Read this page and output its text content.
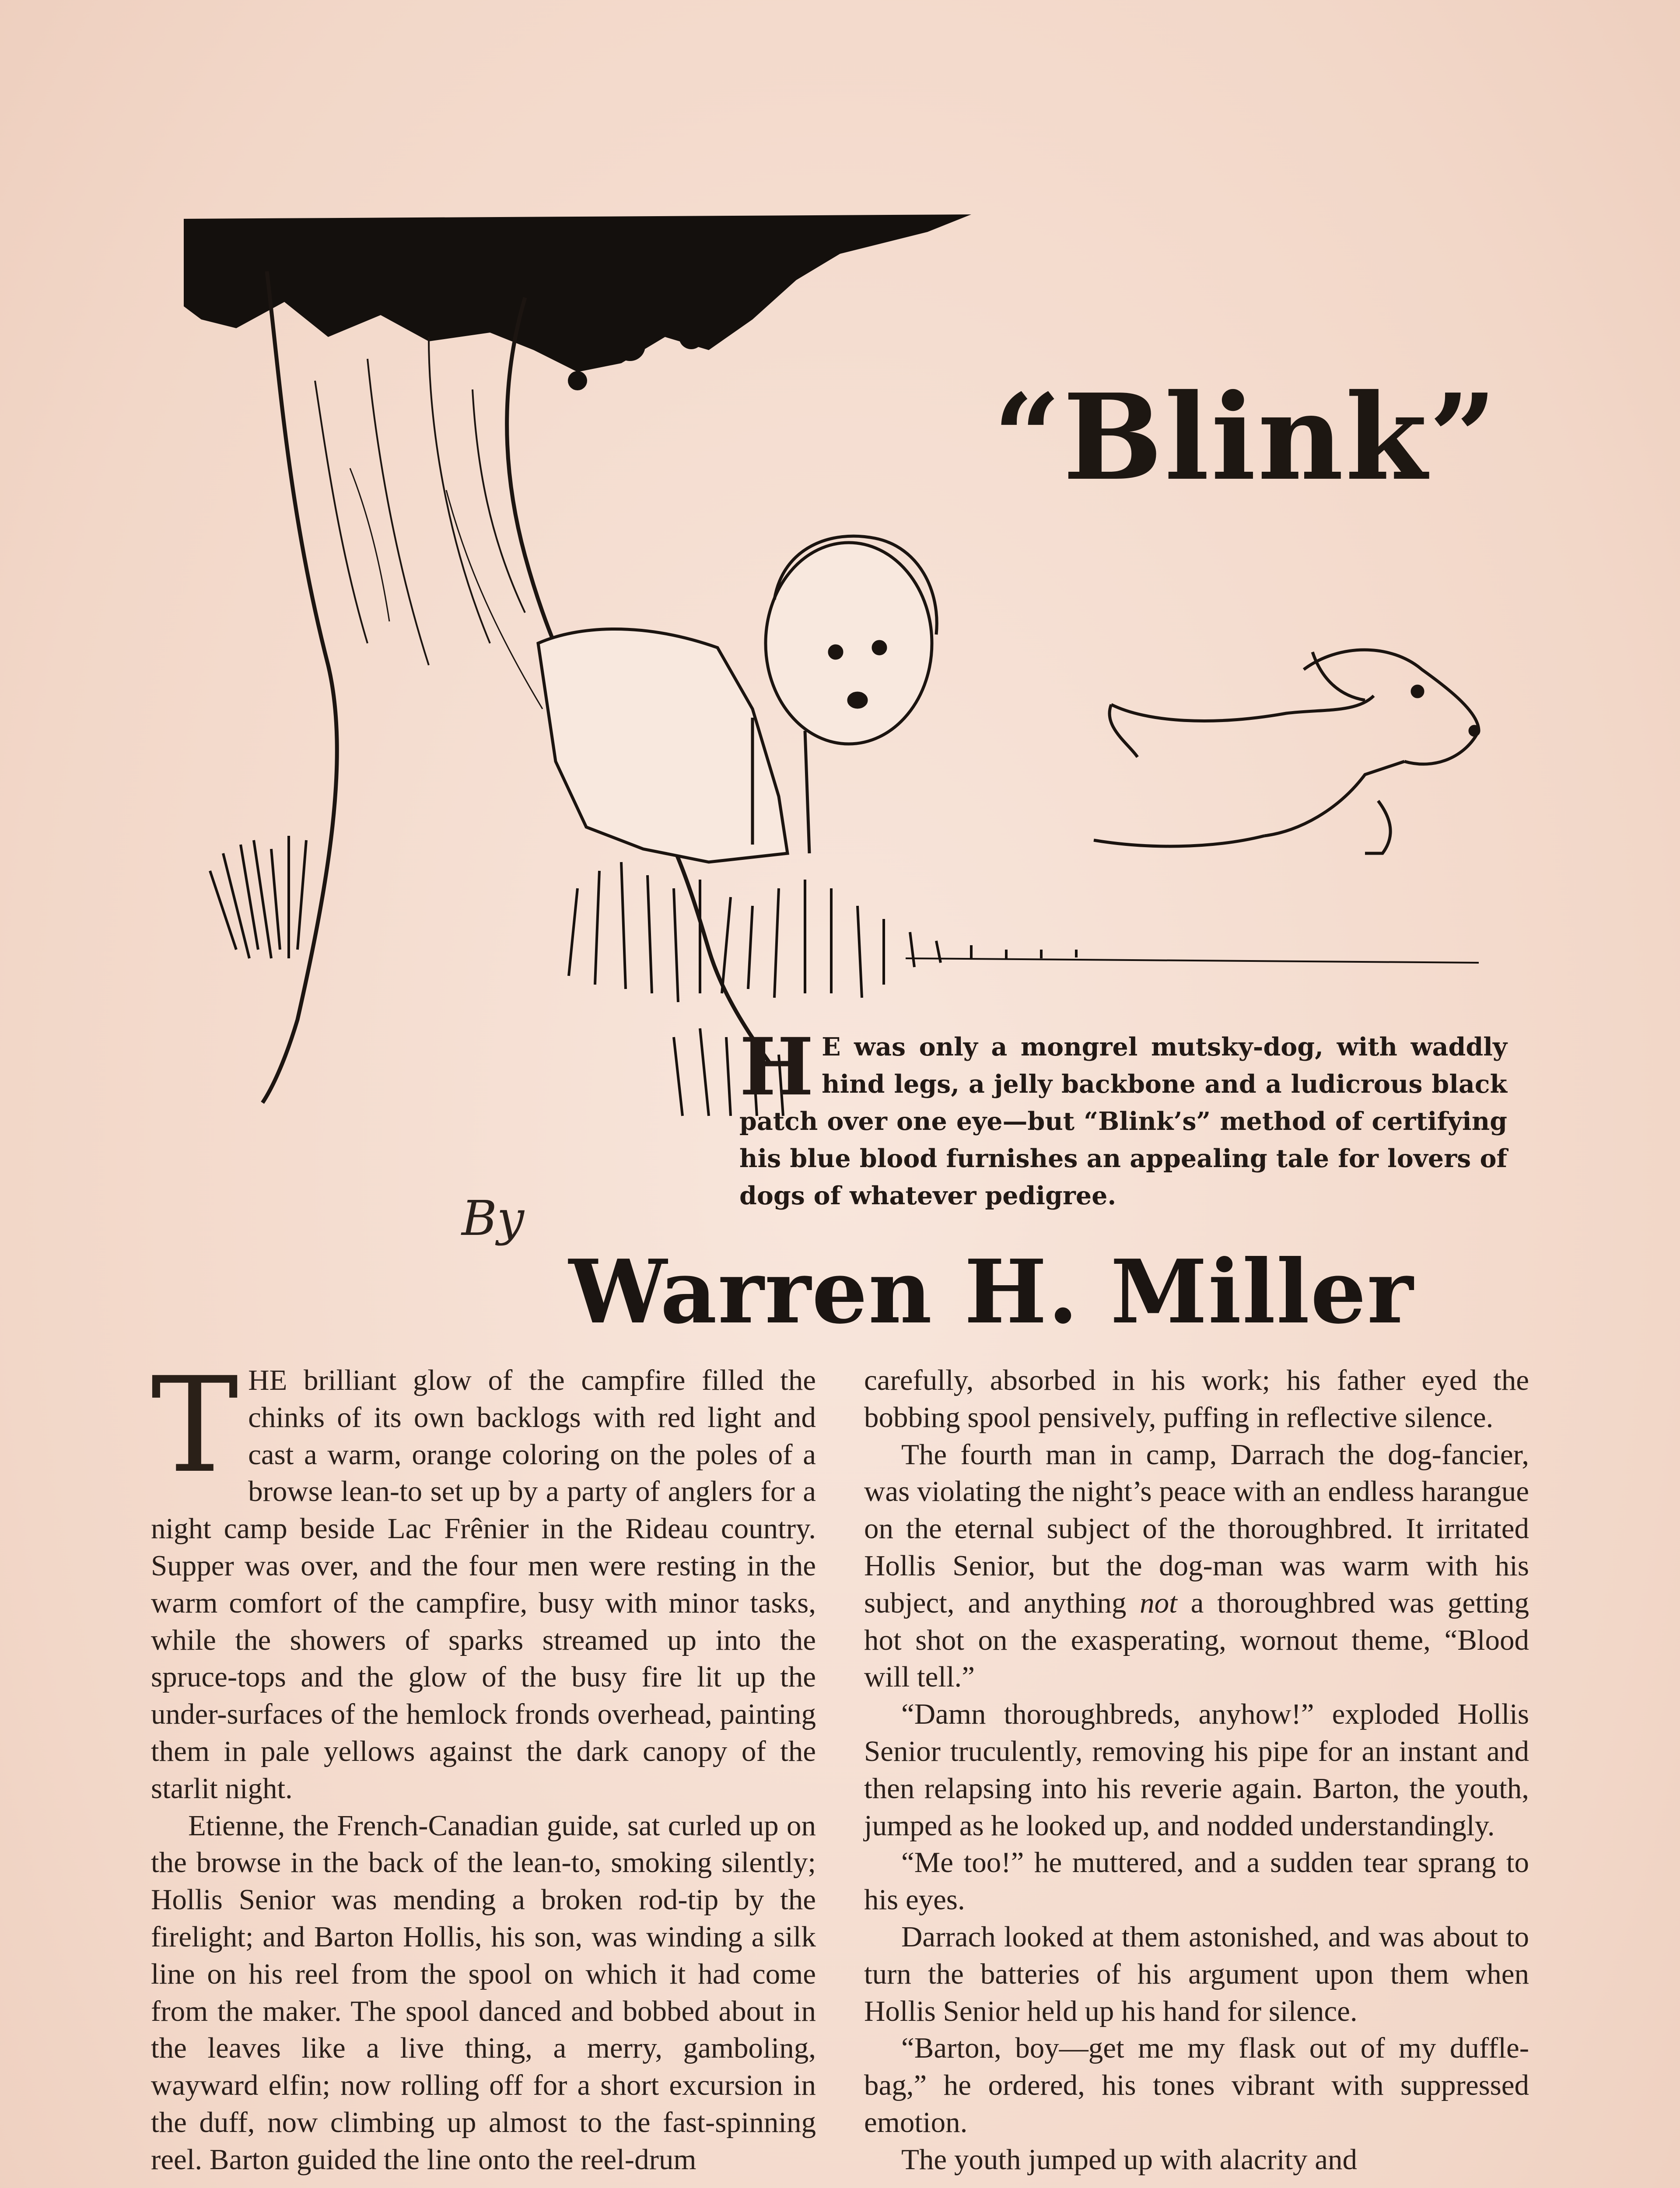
“Blink”

H E was only a mongrel mutsky-dog, with waddly hind legs, a jelly backbone and a ludicrous black patch over one eye—but “Blink’s” method of certifying his blue blood furnishes an appealing tale for lovers of dogs of whatever pedigree.

By
Warren H. Miller

THE brilliant glow of the campfire filled the chinks of its own backlogs with red light and cast a warm, orange coloring on the poles of a browse lean-to set up by a party of anglers for a night camp beside Lac Frênier in the Rideau country. Supper was over, and the four men were resting in the warm comfort of the campfire, busy with minor tasks, while the showers of sparks streamed up into the spruce-tops and the glow of the busy fire lit up the under-surfaces of the hemlock fronds overhead, painting them in pale yellows against the dark canopy of the starlit night.

Etienne, the French-Canadian guide, sat curled up on the browse in the back of the lean-to, smoking silently; Hollis Senior was mending a broken rod-tip by the firelight; and Barton Hollis, his son, was winding a silk line on his reel from the spool on which it had come from the maker. The spool danced and bobbed about in the leaves like a live thing, a merry, gamboling, wayward elfin; now rolling off for a short excursion in the duff, now climbing up almost to the fast-spinning reel. Barton guided the line onto the reel-drum

carefully, absorbed in his work; his father eyed the bobbing spool pensively, puffing in reflective silence.

The fourth man in camp, Darrach the dog-fancier, was violating the night’s peace with an endless harangue on the eternal subject of the thoroughbred. It irritated Hollis Senior, but the dog-man was warm with his subject, and anything not a thoroughbred was getting hot shot on the exasperating, wornout theme, “Blood will tell.”

“Damn thoroughbreds, anyhow!” exploded Hollis Senior truculently, removing his pipe for an instant and then relapsing into his reverie again. Barton, the youth, jumped as he looked up, and nodded understandingly.

“Me too!” he muttered, and a sudden tear sprang to his eyes.

Darrach looked at them astonished, and was about to turn the batteries of his argument upon them when Hollis Senior held up his hand for silence.

“Barton, boy—get me my flask out of my duffle-bag,” he ordered, his tones vibrant with suppressed emotion.

The youth jumped up with alacrity and
